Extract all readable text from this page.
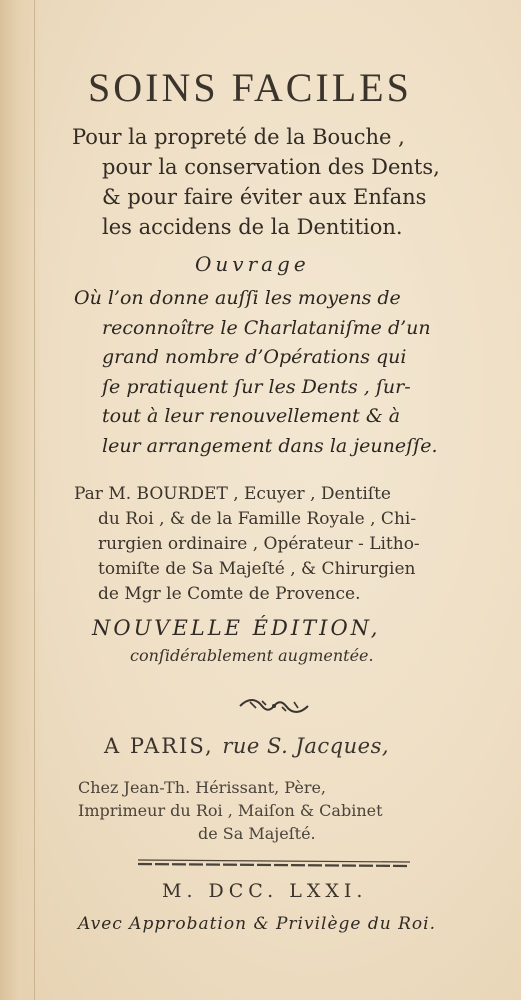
SOINS FACILES
Pour la propreté de la Bouche ,
pour la conservation des Dents,
& pour faire éviter aux Enfans
les accidens de la Dentition.
Ouvrage
Où l’on donne auſſi les moyens de
reconnoître le Charlataniſme d’un
grand nombre d’Opérations qui
ſe pratiquent ſur les Dents , ſur-
tout à leur renouvellement & à
leur arrangement dans la jeuneſſe.
Par M. BOURDET , Ecuyer , Dentiſte
du Roi , & de la Famille Royale , Chi-
rurgien ordinaire , Opérateur - Litho-
tomiſte de Sa Majeſté , & Chirurgien
de Mgr le Comte de Provence.
NOUVELLE ÉDITION,
conſidérablement augmentée.
A PARIS, rue S. Jacques,
Chez Jean-Th. Hérissant, Père,
Imprimeur du Roi , Maiſon & Cabinet
de Sa Majeſté.
M. DCC. LXXI.
Avec Approbation & Privilège du Roi.
